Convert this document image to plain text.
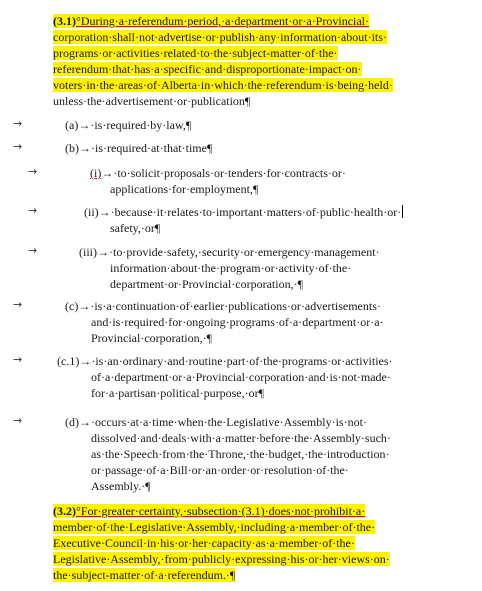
(3.1)°During·a·referendum·period,·a·department·or·a·Provincial·
corporation·shall·not·advertise·or·publish·any·information·about·its·
programs·or·activities·related·to·the·subject-matter·of·the·
referendum·that·has·a·specific·and·disproportionate·impact·on·
voters·in·the·areas·of·Alberta·in·which·the·referendum·is·being·held·
unless·the·advertisement·or·publication¶
→	(a)→·is·required·by·law,¶
→	(b)→·is·required·at·that·time¶
→	(i)→·to·solicit·proposals·or·tenders·for·contracts·or·
applications·for·employment,¶
→	(ii)→·because·it·relates·to·important·matters·of·public·health·or·
safety,·or¶
→	(iii)→·to·provide·safety,·security·or·emergency·management·
information·about·the·program·or·activity·of·the·
department·or·Provincial·corporation,·¶
→	(c)→·is·a·continuation·of·earlier·publications·or·advertisements·
and·is·required·for·ongoing·programs·of·a·department·or·a·
Provincial·corporation,·¶
→	(c.1)→·is·an·ordinary·and·routine·part·of·the·programs·or·activities·
of·a·department·or·a·Provincial·corporation·and·is·not·made·
for·a·partisan·political·purpose,·or¶
→	(d)→·occurs·at·a·time·when·the·Legislative·Assembly·is·not·
dissolved·and·deals·with·a·matter·before·the·Assembly·such·
as·the·Speech·from·the·Throne,·the·budget,·the·introduction·
or·passage·of·a·Bill·or·an·order·or·resolution·of·the·
Assembly.·¶
(3.2)°For·greater·certainty,·subsection·(3.1)·does·not·prohibit·a·
member·of·the·Legislative·Assembly,·including·a·member·of·the·
Executive·Council·in·his·or·her·capacity·as·a·member·of·the·
Legislative·Assembly,·from·publicly·expressing·his·or·her·views·on·
the·subject-matter·of·a·referendum.·¶
